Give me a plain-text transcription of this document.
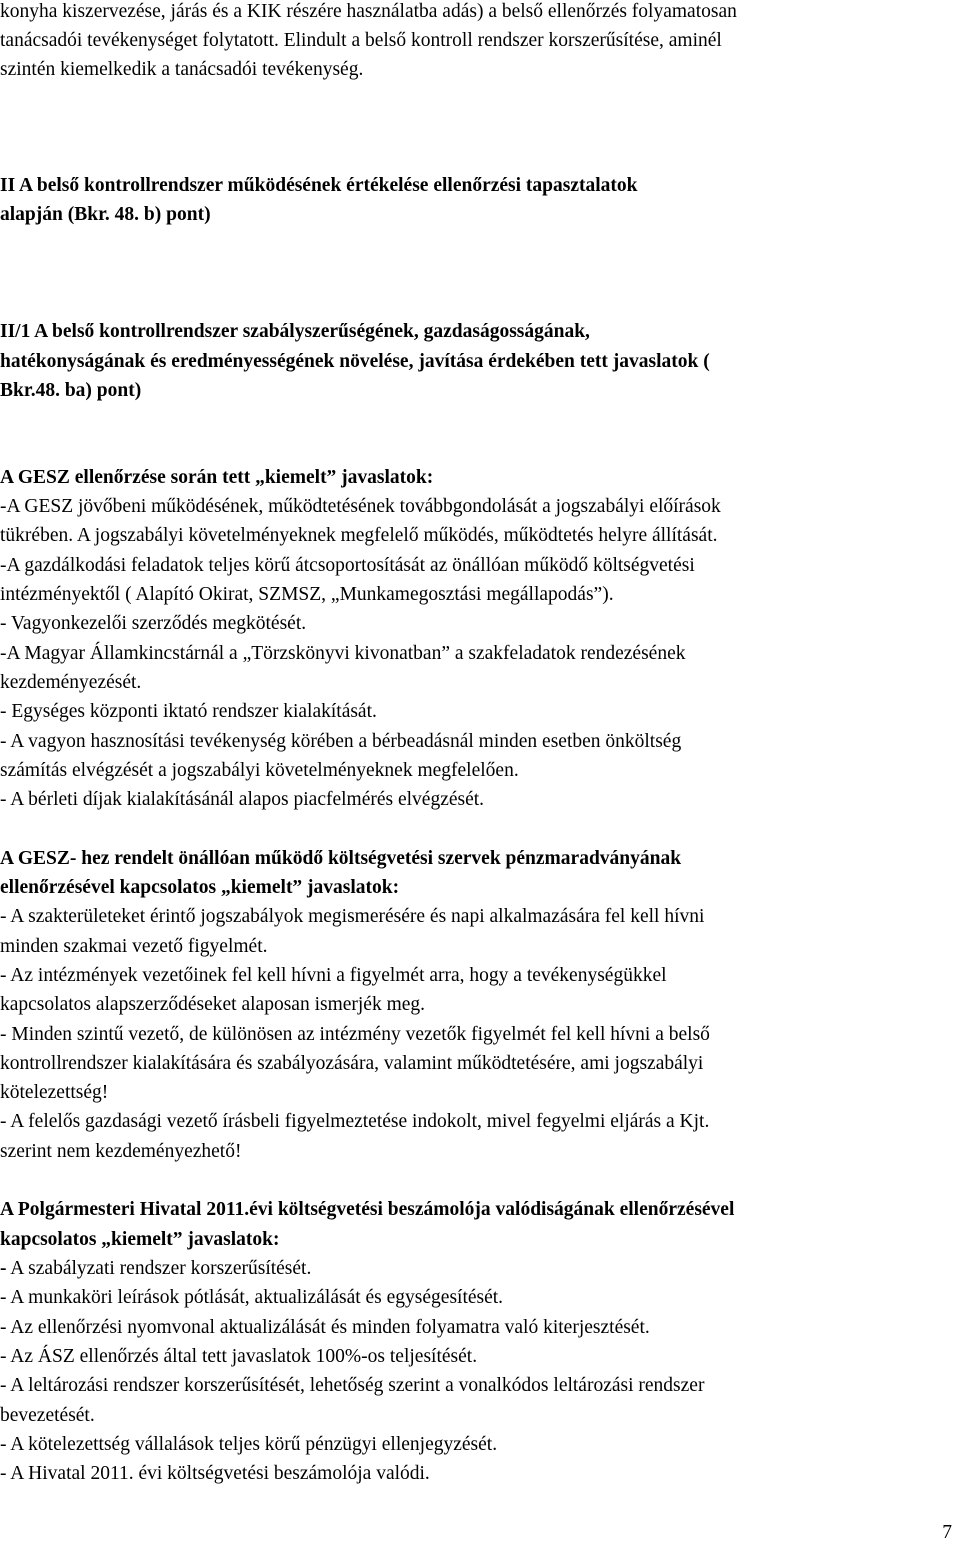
konyha kiszervezése, járás és a KIK részére használatba adás) a belső ellenőrzés folyamatosan
tanácsadói tevékenységet folytatott. Elindult a belső kontroll rendszer korszerűsítése, aminél
szintén kiemelkedik a tanácsadói tevékenység.
II A belső kontrollrendszer működésének értékelése ellenőrzési tapasztalatok
alapján (Bkr. 48. b) pont)
II/1 A belső kontrollrendszer szabályszerűségének, gazdaságosságának,
hatékonyságának és eredményességének növelése, javítása érdekében tett javaslatok (
Bkr.48. ba) pont)
A GESZ ellenőrzése során tett „kiemelt” javaslatok:
-A GESZ jövőbeni működésének, működtetésének továbbgondolását a jogszabályi előírások
tükrében. A jogszabályi követelményeknek megfelelő működés, működtetés helyre állítását.
-A gazdálkodási feladatok teljes körű átcsoportosítását az önállóan működő költségvetési
intézményektől ( Alapító Okirat, SZMSZ, „Munkamegosztási megállapodás”).
- Vagyonkezelői szerződés megkötését.
-A Magyar Államkincstárnál a „Törzskönyvi kivonatban” a szakfeladatok rendezésének
kezdeményezését.
- Egységes központi iktató rendszer kialakítását.
- A vagyon hasznosítási tevékenység körében a bérbeadásnál minden esetben önköltség
számítás elvégzését a jogszabályi követelményeknek megfelelően.
- A bérleti díjak kialakításánál alapos piacfelmérés elvégzését.
A GESZ- hez rendelt önállóan működő költségvetési szervek pénzmaradványának
ellenőrzésével kapcsolatos „kiemelt” javaslatok:
- A szakterületeket érintő jogszabályok megismerésére és napi alkalmazására fel kell hívni
minden szakmai vezető figyelmét.
- Az intézmények vezetőinek fel kell hívni a figyelmét arra, hogy a tevékenységükkel
kapcsolatos alapszerződéseket alaposan ismerjék meg.
- Minden szintű vezető, de különösen az intézmény vezetők figyelmét fel kell hívni a belső
kontrollrendszer kialakítására és szabályozására, valamint működtetésére, ami jogszabályi
kötelezettség!
- A felelős gazdasági vezető írásbeli figyelmeztetése indokolt, mivel fegyelmi eljárás a Kjt.
szerint nem kezdeményezhető!
A Polgármesteri Hivatal 2011.évi költségvetési beszámolója valódiságának ellenőrzésével
kapcsolatos „kiemelt” javaslatok:
- A szabályzati rendszer korszerűsítését.
- A munkaköri leírások pótlását, aktualizálását és egységesítését.
- Az ellenőrzési nyomvonal aktualizálását és minden folyamatra való kiterjesztését.
- Az ÁSZ ellenőrzés által tett javaslatok 100%-os teljesítését.
- A leltározási rendszer korszerűsítését, lehetőség szerint a vonalkódos leltározási rendszer
bevezetését.
- A kötelezettség vállalások teljes körű pénzügyi ellenjegyzését.
- A Hivatal 2011. évi költségvetési beszámolója valódi.
7
